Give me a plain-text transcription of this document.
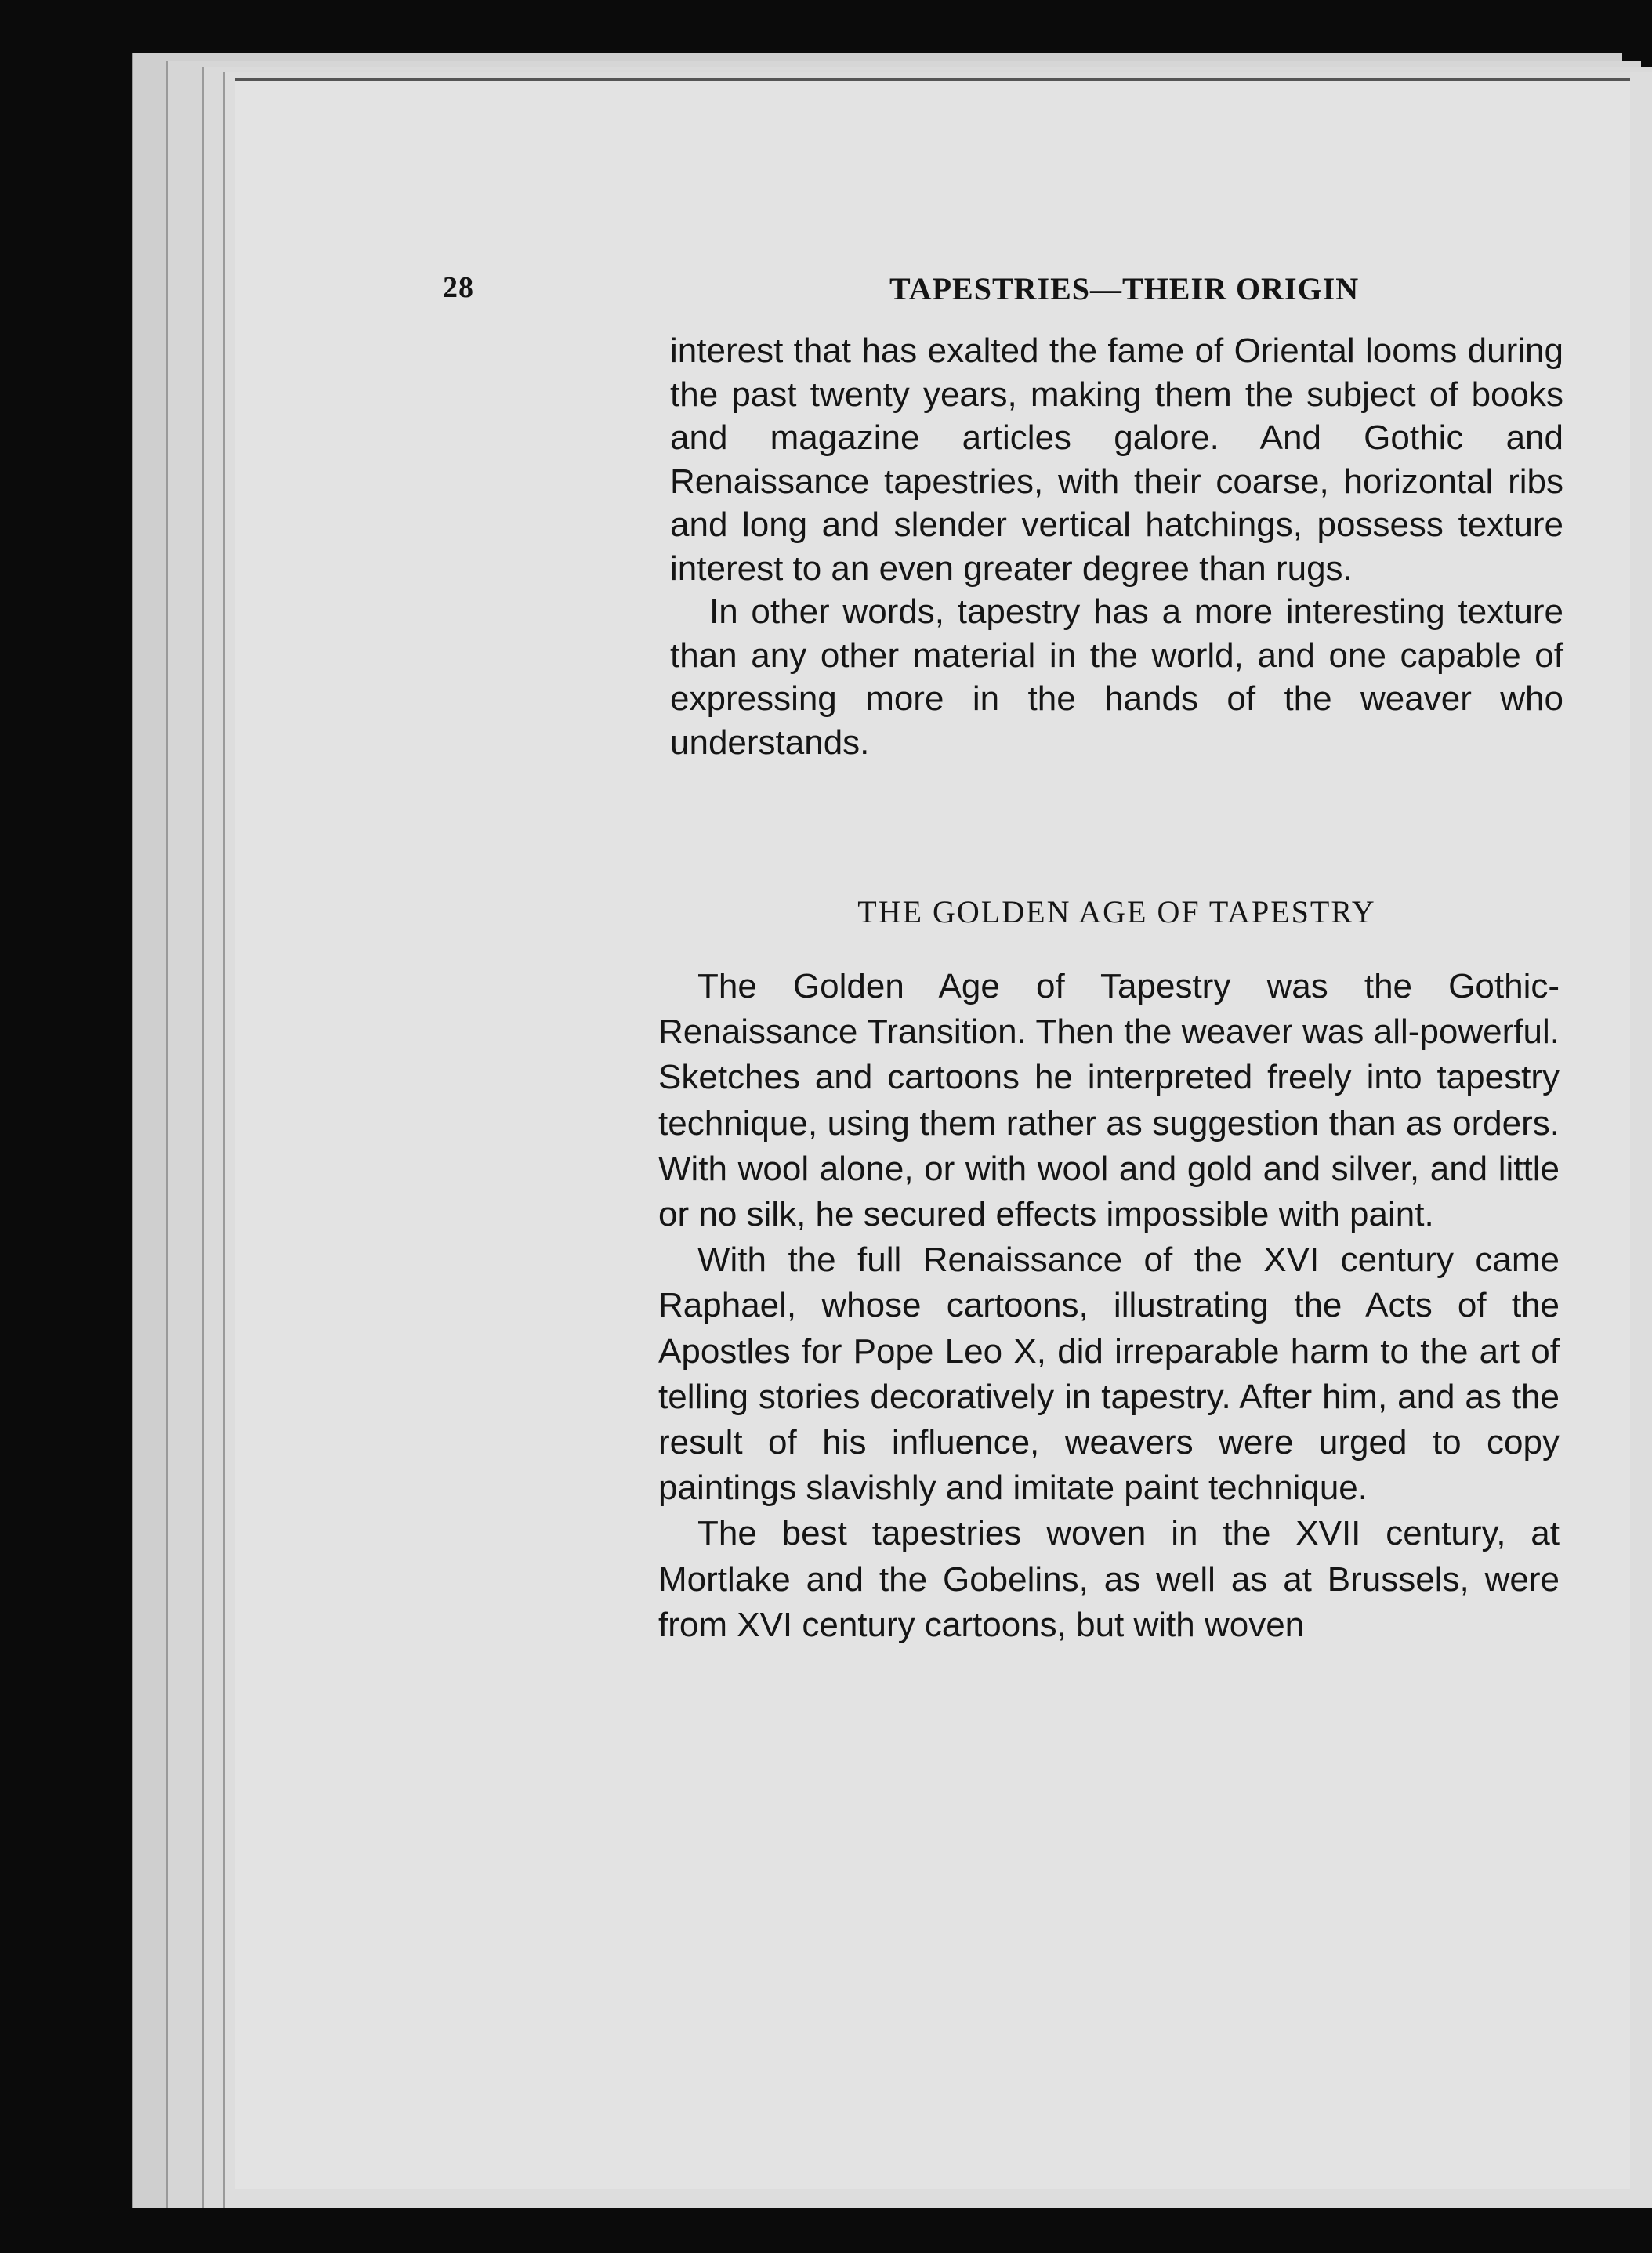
28	TAPESTRIES—THEIR ORIGIN

interest that has exalted the fame of Oriental looms during the past twenty years, making them the subject of books and magazine articles galore. And Gothic and Renaissance tapestries, with their coarse, horizontal ribs and long and slender vertical hatchings, possess texture interest to an even greater degree than rugs.

In other words, tapestry has a more interesting texture than any other material in the world, and one capable of expressing more in the hands of the weaver who understands.

THE GOLDEN AGE OF TAPESTRY

The Golden Age of Tapestry was the Gothic-Renaissance Transition. Then the weaver was all-powerful. Sketches and cartoons he interpreted freely into tapestry technique, using them rather as suggestion than as orders. With wool alone, or with wool and gold and silver, and little or no silk, he secured effects impossible with paint.

With the full Renaissance of the XVI century came Raphael, whose cartoons, illustrating the Acts of the Apostles for Pope Leo X, did irreparable harm to the art of telling stories decoratively in tapestry. After him, and as the result of his influence, weavers were urged to copy paintings slavishly and imitate paint technique.

The best tapestries woven in the XVII century, at Mortlake and the Gobelins, as well as at Brussels, were from XVI century cartoons, but with woven
